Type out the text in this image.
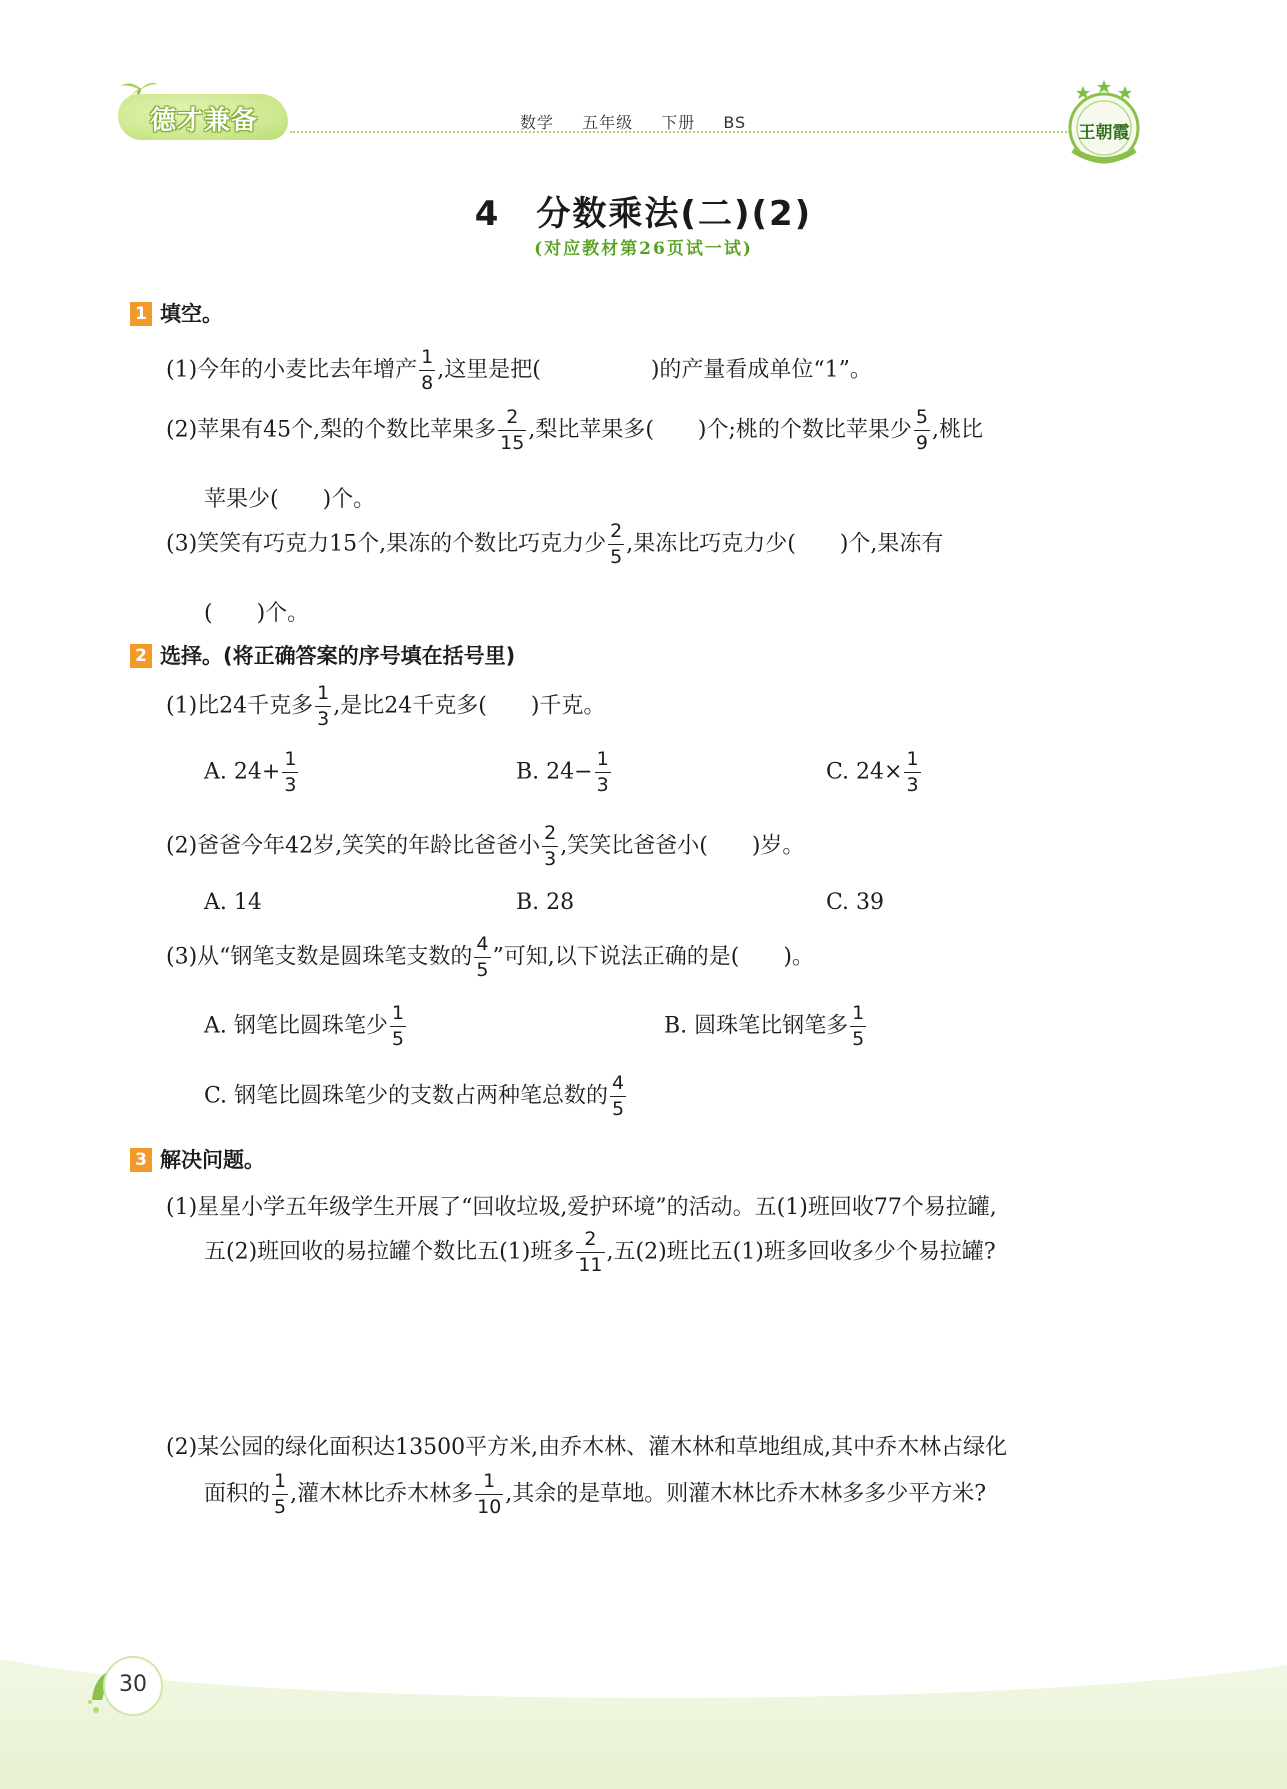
德才兼备	数学 五年级 下册 BS
王朝霞
4　分数乘法(二)(2)
(对应教材第26页试一试)
1 填空。
(1)今年的小麦比去年增产 $\frac{1}{8}$ ,这里是把(　　　　　)的产量看成单位“1”。
(2)苹果有45个,梨的个数比苹果多 $\frac{2}{15}$ ,梨比苹果多(　　)个;桃的个数比苹果少 $\frac{5}{9}$ ,桃比
苹果少(　　)个。
(3)笑笑有巧克力15个,果冻的个数比巧克力少 $\frac{2}{5}$ ,果冻比巧克力少(　　)个,果冻有
(　　)个。
2 选择。(将正确答案的序号填在括号里)
(1)比24千克多 $\frac{1}{3}$ ,是比24千克多(　　)千克。
A. $24+ \frac{1}{3}$	B. $24- \frac{1}{3}$	C. $24\times \frac{1}{3}$
(2)爸爸今年42岁,笑笑的年龄比爸爸小 $\frac{2}{3}$ ,笑笑比爸爸小(　　)岁。
A. 14	B. 28	C. 39
(3)从“钢笔支数是圆珠笔支数的 $\frac{4}{5}$ ”可知,以下说法正确的是(　　)。
A. 钢笔比圆珠笔少 $\frac{1}{5}$	B. 圆珠笔比钢笔多 $\frac{1}{5}$
C. 钢笔比圆珠笔少的支数占两种笔总数的 $\frac{4}{5}$
3 解决问题。
(1)星星小学五年级学生开展了“回收垃圾,爱护环境”的活动。五(1)班回收77个易拉罐,
五(2)班回收的易拉罐个数比五(1)班多 $\frac{2}{11}$ ,五(2)班比五(1)班多回收多少个易拉罐?
(2)某公园的绿化面积达13500平方米,由乔木林、灌木林和草地组成,其中乔木林占绿化
面积的 $\frac{1}{5}$ ,灌木林比乔木林多 $\frac{1}{10}$ ,其余的是草地。则灌木林比乔木林多多少平方米?
30
